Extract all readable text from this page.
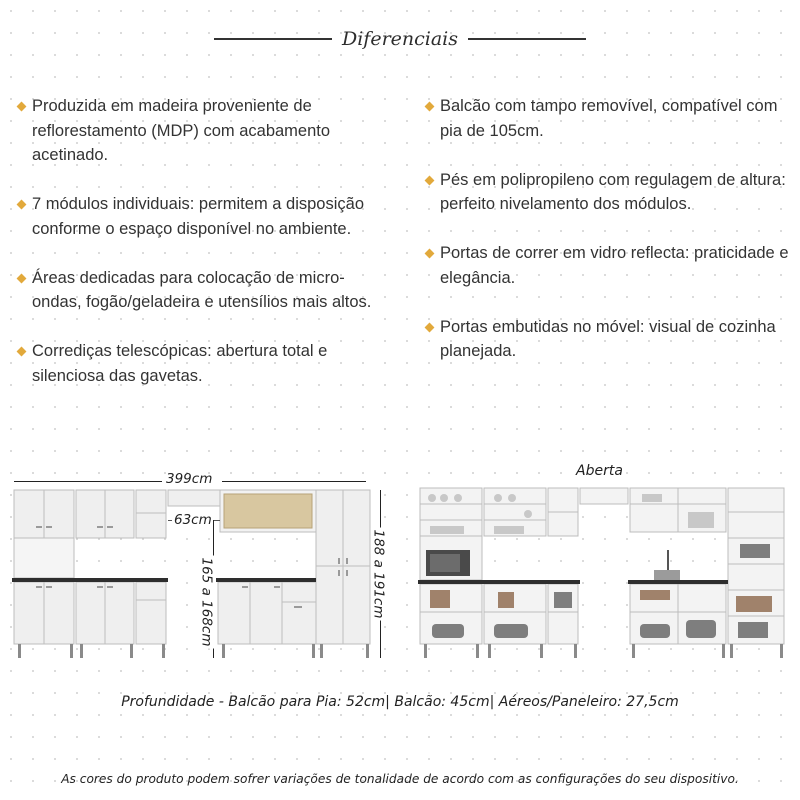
Diferenciais
Produzida em madeira proveniente de reflorestamento (MDP) com acabamento acetinado.
7 módulos individuais: permitem a disposição conforme o espaço disponível no ambiente.
Áreas dedicadas para colocação de micro-ondas, fogão/geladeira e utensílios mais altos.
Corrediças telescópicas: abertura total e silenciosa das gavetas.
Balcão com tampo removível, compatível com pia de 105cm.
Pés em polipropileno com regulagem de altura: perfeito nivelamento dos módulos.
Portas de correr em vidro reflecta: praticidade e elegância.
Portas embutidas no móvel: visual de cozinha planejada.
399cm
63cm
165 a 168cm	188 a 191cm
Aberta
Profundidade - Balcão para Pia: 52cm| Balcão: 45cm| Aéreos/Paneleiro: 27,5cm
As cores do produto podem sofrer variações de tonalidade de acordo com as configurações do seu dispositivo.
